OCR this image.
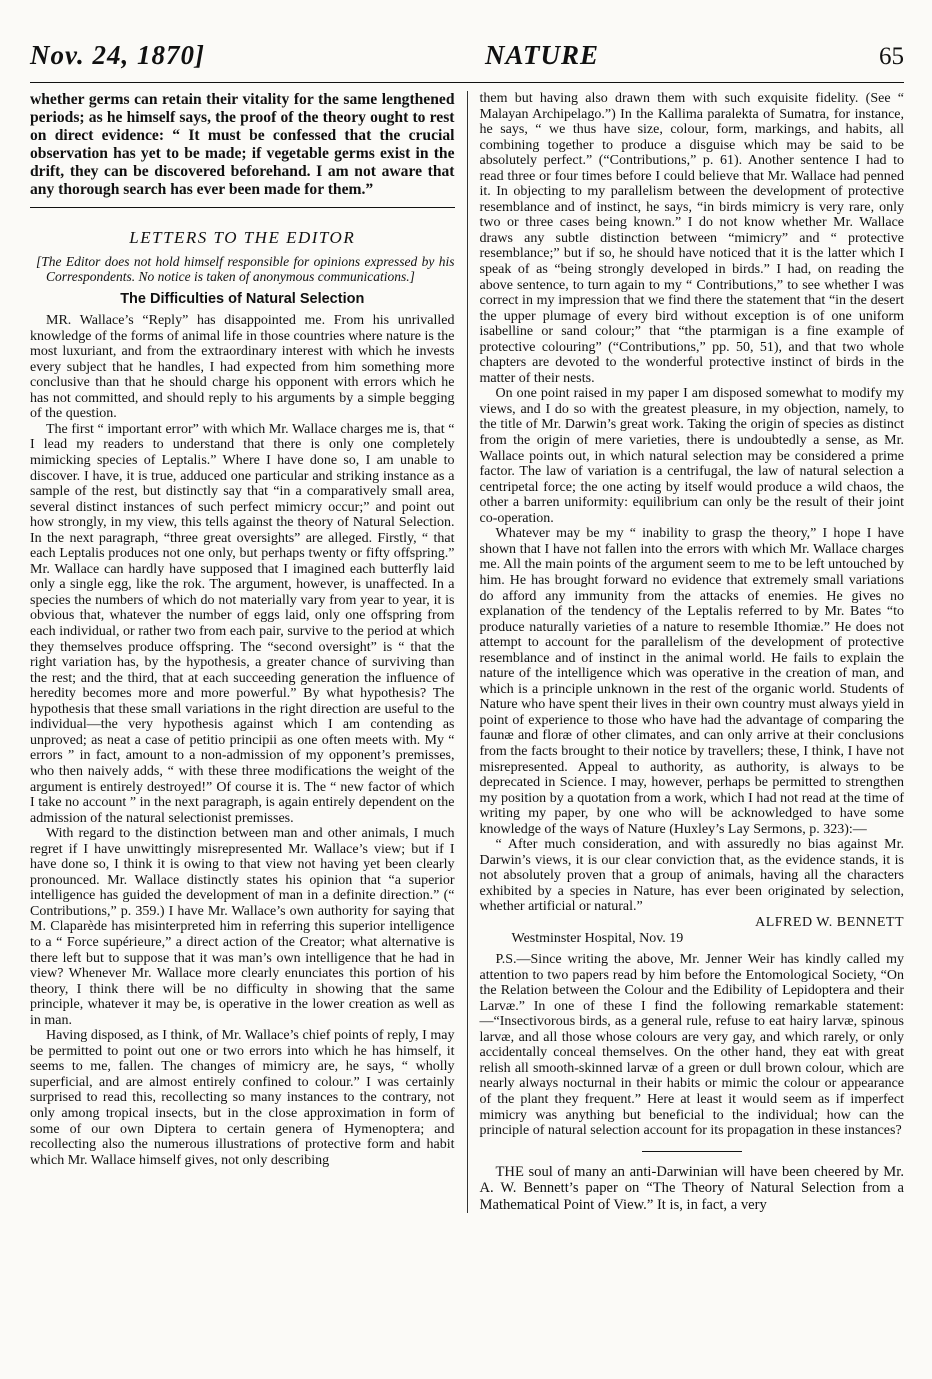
Nov. 24, 1870]	NATURE	65

whether germs can retain their vitality for the same lengthened periods; as he himself says, the proof of the theory ought to rest on direct evidence: “ It must be confessed that the crucial observation has yet to be made; if vegetable germs exist in the drift, they can be discovered beforehand. I am not aware that any thorough search has ever been made for them.”

LETTERS TO THE EDITOR
[The Editor does not hold himself responsible for opinions expressed by his Correspondents. No notice is taken of anonymous communications.]
The Difficulties of Natural Selection

MR. Wallace’s “Reply” has disappointed me. From his unrivalled knowledge of the forms of animal life in those countries where nature is the most luxuriant, and from the extraordinary interest with which he invests every subject that he handles, I had expected from him something more conclusive than that he should charge his opponent with errors which he has not committed, and should reply to his arguments by a simple begging of the question.

The first “ important error” with which Mr. Wallace charges me is, that “ I lead my readers to understand that there is only one completely mimicking species of Leptalis.” Where I have done so, I am unable to discover. I have, it is true, adduced one particular and striking instance as a sample of the rest, but distinctly say that “in a comparatively small area, several distinct instances of such perfect mimicry occur;” and point out how strongly, in my view, this tells against the theory of Natural Selection. In the next paragraph, “three great oversights” are alleged. Firstly, “ that each Leptalis produces not one only, but perhaps twenty or fifty offspring.” Mr. Wallace can hardly have supposed that I imagined each butterfly laid only a single egg, like the rok. The argument, however, is unaffected. In a species the numbers of which do not materially vary from year to year, it is obvious that, whatever the number of eggs laid, only one offspring from each individual, or rather two from each pair, survive to the period at which they themselves produce offspring. The “second oversight” is “ that the right variation has, by the hypothesis, a greater chance of surviving than the rest; and the third, that at each succeeding generation the influence of heredity becomes more and more powerful.” By what hypothesis? The hypothesis that these small variations in the right direction are useful to the individual—the very hypothesis against which I am contending as unproved; as neat a case of petitio principii as one often meets with. My “ errors ” in fact, amount to a non-admission of my opponent’s premisses, who then naively adds, “ with these three modifications the weight of the argument is entirely destroyed!” Of course it is. The “ new factor of which I take no account ” in the next paragraph, is again entirely dependent on the admission of the natural selectionist premisses.

With regard to the distinction between man and other animals, I much regret if I have unwittingly misrepresented Mr. Wallace’s view; but if I have done so, I think it is owing to that view not having yet been clearly pronounced. Mr. Wallace distinctly states his opinion that “a superior intelligence has guided the development of man in a definite direction.” (“ Contributions,” p. 359.) I have Mr. Wallace’s own authority for saying that M. Claparède has misinterpreted him in referring this superior intelligence to a “ Force supérieure,” a direct action of the Creator; what alternative is there left but to suppose that it was man’s own intelligence that he had in view? Whenever Mr. Wallace more clearly enunciates this portion of his theory, I think there will be no difficulty in showing that the same principle, whatever it may be, is operative in the lower creation as well as in man.

Having disposed, as I think, of Mr. Wallace’s chief points of reply, I may be permitted to point out one or two errors into which he has himself, it seems to me, fallen. The changes of mimicry are, he says, “ wholly superficial, and are almost entirely confined to colour.” I was certainly surprised to read this, recollecting so many instances to the contrary, not only among tropical insects, but in the close approximation in form of some of our own Diptera to certain genera of Hymenoptera; and recollecting also the numerous illustrations of protective form and habit which Mr. Wallace himself gives, not only describing

them but having also drawn them with such exquisite fidelity. (See “ Malayan Archipelago.”) In the Kallima paralekta of Sumatra, for instance, he says, “ we thus have size, colour, form, markings, and habits, all combining together to produce a disguise which may be said to be absolutely perfect.” (“Contributions,” p. 61). Another sentence I had to read three or four times before I could believe that Mr. Wallace had penned it. In objecting to my parallelism between the development of protective resemblance and of instinct, he says, “in birds mimicry is very rare, only two or three cases being known.” I do not know whether Mr. Wallace draws any subtle distinction between “mimicry” and “ protective resemblance;” but if so, he should have noticed that it is the latter which I speak of as “being strongly developed in birds.” I had, on reading the above sentence, to turn again to my “ Contributions,” to see whether I was correct in my impression that we find there the statement that “in the desert the upper plumage of every bird without exception is of one uniform isabelline or sand colour;” that “the ptarmigan is a fine example of protective colouring” (“Contributions,” pp. 50, 51), and that two whole chapters are devoted to the wonderful protective instinct of birds in the matter of their nests.

On one point raised in my paper I am disposed somewhat to modify my views, and I do so with the greatest pleasure, in my objection, namely, to the title of Mr. Darwin’s great work. Taking the origin of species as distinct from the origin of mere varieties, there is undoubtedly a sense, as Mr. Wallace points out, in which natural selection may be considered a prime factor. The law of variation is a centrifugal, the law of natural selection a centripetal force; the one acting by itself would produce a wild chaos, the other a barren uniformity: equilibrium can only be the result of their joint co-operation.

Whatever may be my “ inability to grasp the theory,” I hope I have shown that I have not fallen into the errors with which Mr. Wallace charges me. All the main points of the argument seem to me to be left untouched by him. He has brought forward no evidence that extremely small variations do afford any immunity from the attacks of enemies. He gives no explanation of the tendency of the Leptalis referred to by Mr. Bates “to produce naturally varieties of a nature to resemble Ithomiæ.” He does not attempt to account for the parallelism of the development of protective resemblance and of instinct in the animal world. He fails to explain the nature of the intelligence which was operative in the creation of man, and which is a principle unknown in the rest of the organic world. Students of Nature who have spent their lives in their own country must always yield in point of experience to those who have had the advantage of comparing the faunæ and floræ of other climates, and can only arrive at their conclusions from the facts brought to their notice by travellers; these, I think, I have not misrepresented. Appeal to authority, as authority, is always to be deprecated in Science. I may, however, perhaps be permitted to strengthen my position by a quotation from a work, which I had not read at the time of writing my paper, by one who will be acknowledged to have some knowledge of the ways of Nature (Huxley’s Lay Sermons, p. 323):—

“ After much consideration, and with assuredly no bias against Mr. Darwin’s views, it is our clear conviction that, as the evidence stands, it is not absolutely proven that a group of animals, having all the characters exhibited by a species in Nature, has ever been originated by selection, whether artificial or natural.”

ALFRED W. BENNETT
Westminster Hospital, Nov. 19

P.S.—Since writing the above, Mr. Jenner Weir has kindly called my attention to two papers read by him before the Entomological Society, “On the Relation between the Colour and the Edibility of Lepidoptera and their Larvæ.” In one of these I find the following remarkable statement:—“Insectivorous birds, as a general rule, refuse to eat hairy larvæ, spinous larvæ, and all those whose colours are very gay, and which rarely, or only accidentally conceal themselves. On the other hand, they eat with great relish all smooth-skinned larvæ of a green or dull brown colour, which are nearly always nocturnal in their habits or mimic the colour or appearance of the plant they frequent.” Here at least it would seem as if imperfect mimicry was anything but beneficial to the individual; how can the principle of natural selection account for its propagation in these instances?

THE soul of many an anti-Darwinian will have been cheered by Mr. A. W. Bennett’s paper on “The Theory of Natural Selection from a Mathematical Point of View.” It is, in fact, a very
